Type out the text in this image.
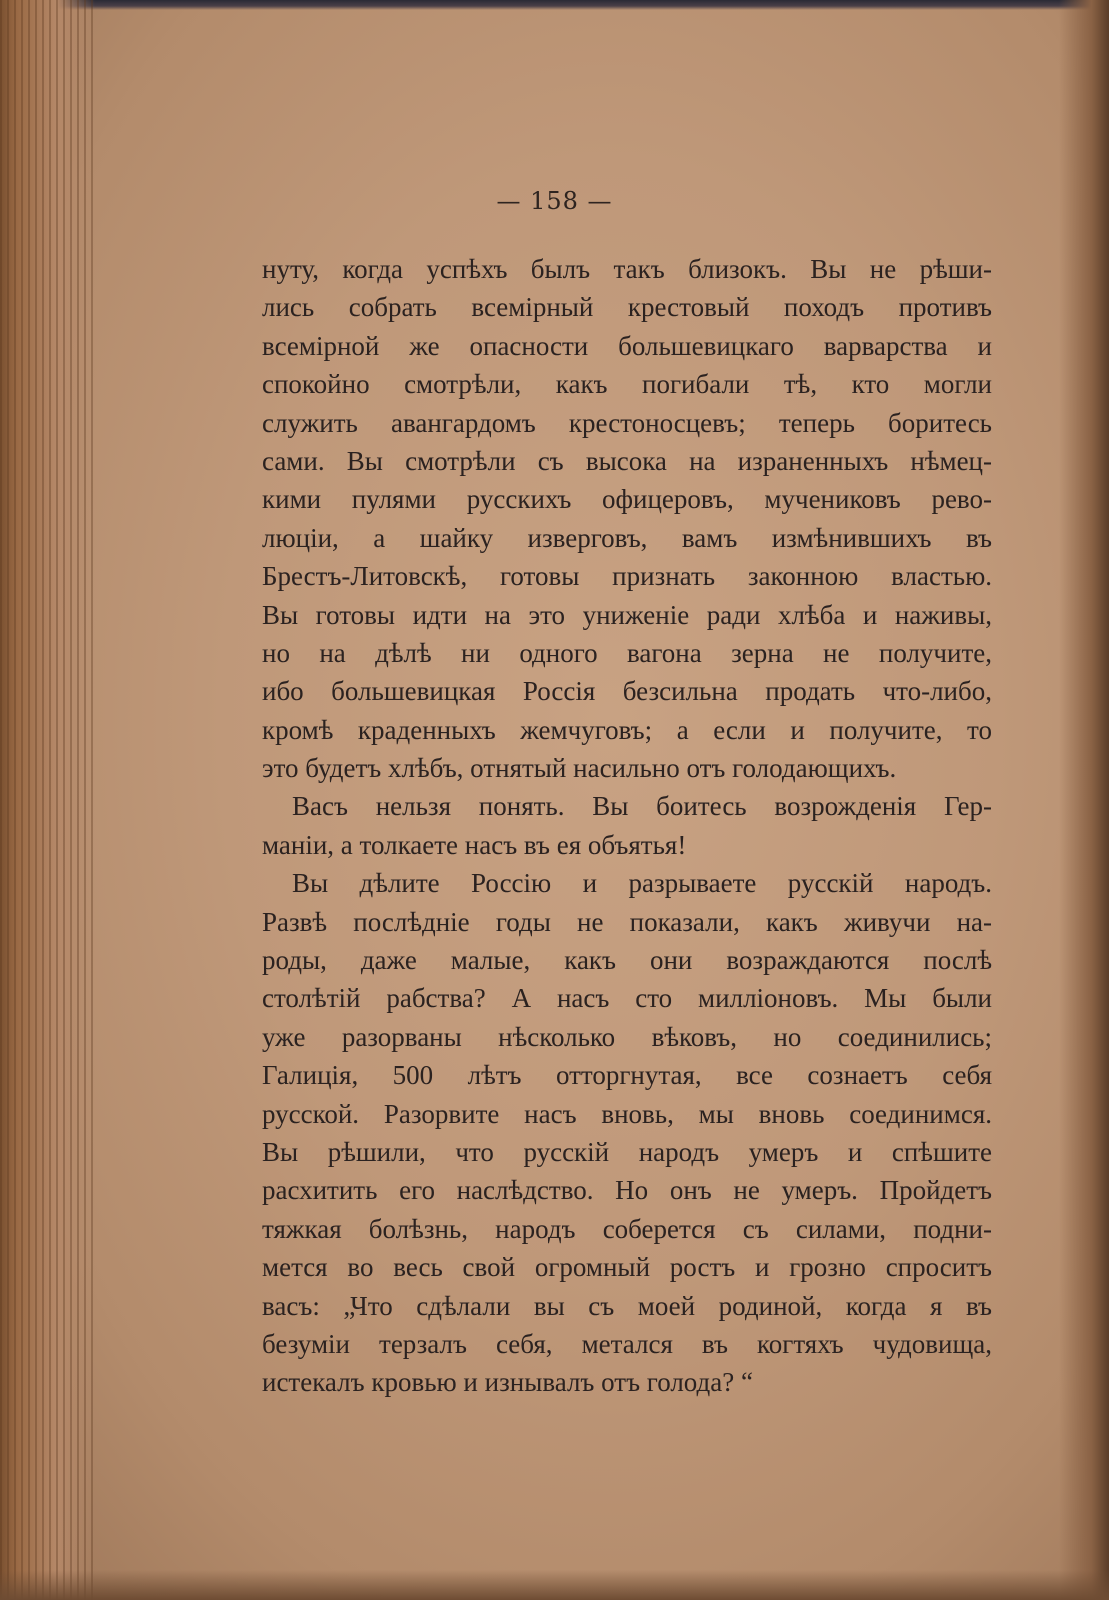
— 158 —
нуту, когда успѣхъ былъ такъ близокъ. Вы не рѣши-
лись собрать всемірный крестовый походъ противъ
всемірной же опасности большевицкаго варварства и
спокойно смотрѣли, какъ погибали тѣ, кто могли
служить авангардомъ крестоносцевъ; теперь боритесь
сами. Вы смотрѣли съ высока на израненныхъ нѣмец-
кими пулями русскихъ офицеровъ, мучениковъ рево-
люціи, а шайку изверговъ, вамъ измѣнившихъ въ
Брестъ-Литовскѣ, готовы признать законною властью.
Вы готовы идти на это униженіе ради хлѣба и наживы,
но на дѣлѣ ни одного вагона зерна не получите,
ибо большевицкая Россія безсильна продать что-либо,
кромѣ краденныхъ жемчуговъ; а если и получите, то
это будетъ хлѣбъ, отнятый насильно отъ голодающихъ.
Васъ нельзя понять. Вы боитесь возрожденія Гер-
маніи, а толкаете насъ въ ея объятья!
Вы дѣлите Россію и разрываете русскій народъ.
Развѣ послѣдніе годы не показали, какъ живучи на-
роды, даже малые, какъ они возраждаются послѣ
столѣтій рабства? А насъ сто милліоновъ. Мы были
уже разорваны нѣсколько вѣковъ, но соединились;
Галиція, 500 лѣтъ отторгнутая, все сознаетъ себя
русской. Разорвите насъ вновь, мы вновь соединимся.
Вы рѣшили, что русскій народъ умеръ и спѣшите
расхитить его наслѣдство. Но онъ не умеръ. Пройдетъ
тяжкая болѣзнь, народъ соберется съ силами, подни-
мется во весь свой огромный ростъ и грозно спроситъ
васъ: „Что сдѣлали вы съ моей родиной, когда я въ
безуміи терзалъ себя, метался въ когтяхъ чудовища,
истекалъ кровью и изнывалъ отъ голода? “
